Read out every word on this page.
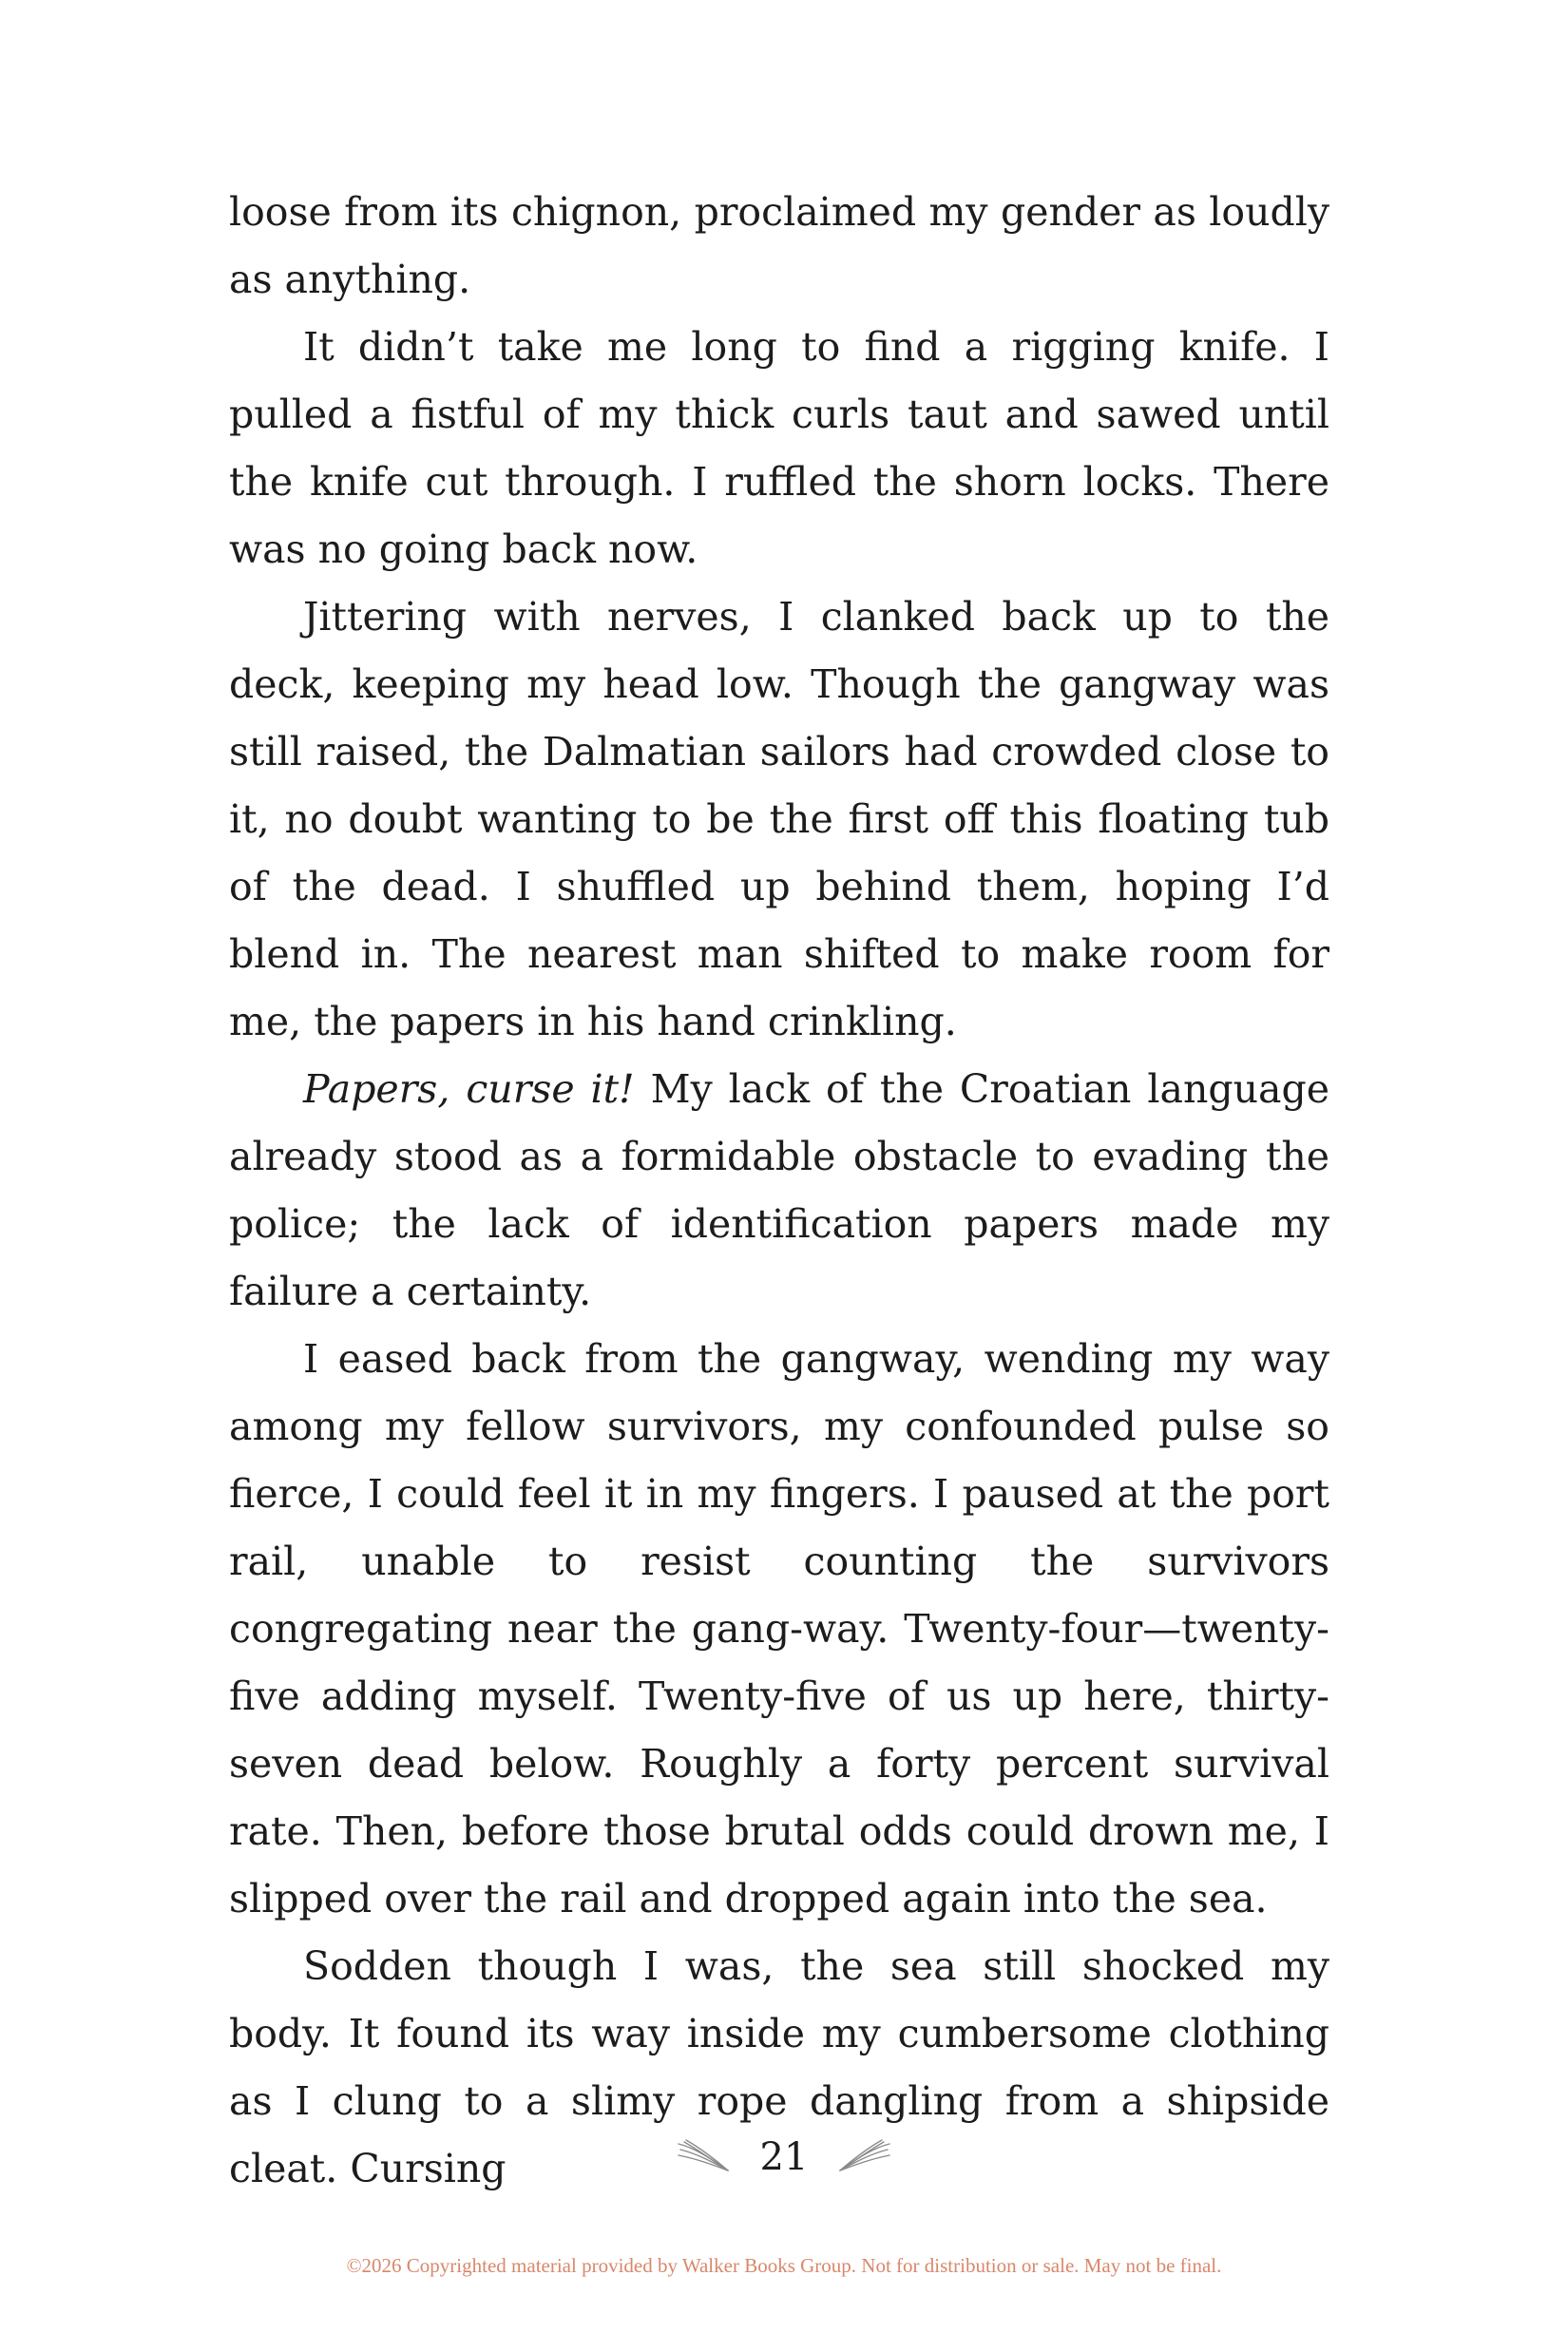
loose from its chignon, proclaimed my gender as loudly as anything.

It didn’t take me long to find a rigging knife. I pulled a fistful of my thick curls taut and sawed until the knife cut through. I ruffled the shorn locks. There was no going back now.

Jittering with nerves, I clanked back up to the deck, keeping my head low. Though the gangway was still raised, the Dalmatian sailors had crowded close to it, no doubt wanting to be the first off this floating tub of the dead. I shuffled up behind them, hoping I’d blend in. The nearest man shifted to make room for me, the papers in his hand crinkling.

Papers, curse it! My lack of the Croatian language already stood as a formidable obstacle to evading the police; the lack of identification papers made my failure a certainty.

I eased back from the gangway, wending my way among my fellow survivors, my confounded pulse so fierce, I could feel it in my fingers. I paused at the port rail, unable to resist counting the survivors congregating near the gang-way. Twenty-four—twenty-five adding myself. Twenty-five of us up here, thirty-seven dead below. Roughly a forty percent survival rate. Then, before those brutal odds could drown me, I slipped over the rail and dropped again into the sea.

Sodden though I was, the sea still shocked my body. It found its way inside my cumbersome clothing as I clung to a slimy rope dangling from a shipside cleat. Cursing	21
©2026 Copyrighted material provided by Walker Books Group. Not for distribution or sale. May not be final.
